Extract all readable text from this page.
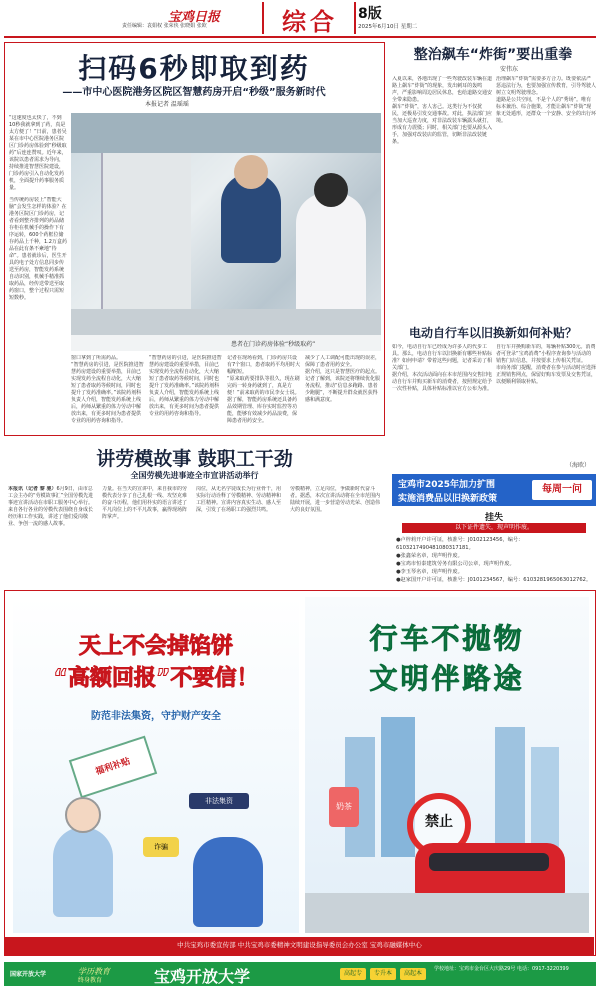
宝鸡日报
责任编辑：袁娟权 张荣侠 张晓娟 张欧	综合	8版
2025年6月10日 星期二
扫码6秒即取到药
——市中心医院港务区院区智慧药房开启“秒级”服务新时代
本报记者 温瑶瑶
“这速度也太快了，不到10秒我就拿到了药，真是太方便了！”日前，患者吴某在市中心医院港务区院区门诊药房体验到“秒级取药”后连连赞叹。近年来，该院以患者需求为导向，持续推进智慧医院建设，门诊药房引入自动化发药机，全面提升药事服务质量。
当传统药房装上“智能大脑”会发生怎样的体验？在港务区院区门诊药房，记者看到整齐排列的药品储存柜在机械手的操作下有序运转，600个药框位储存药品上千种，1.2万盒药品在此有条不紊地“待命”。患者就诊后，医生开具的电子处方信息同步传送至药房，智能发药系统自动识别，机械手精准抓取药品，经传送带送至取药窗口，整个过程只需短短数秒。
患者在门诊药房体验“秒级取药”
窗口拿到了所需药品。
“智慧药房的引进，是医院推进智慧药房建设的重要举措，目前已实现发药全流程自动化，大大缩短了患者取药等候时间，同时也提升了发药准确率。”该院药剂科负责人介绍，智能发药系统上线后，药师从繁重的体力劳动中解放出来，有更多时间为患者提供专业的用药咨询和指导。
“智慧药房的引进，是医院推进智慧药房建设的重要举措，目前已实现发药全流程自动化，大大缩短了患者取药等候时间，同时也提升了发药准确率。”该院药剂科负责人介绍，智能发药系统上线后，药师从繁重的体力劳动中解放出来，有更多时间为患者提供专业的用药咨询和指导。
记者在现场看到，门诊药房共设有7个窗口，患者取药平均用时大幅缩短。
“原来取药要排队等很久，现在刷完码一转身药就到了，真是方便！”前来取药的市民李女士说。据了解，智能药房系统还具备药品效期管理、库存实时监控等功能，能够有效减少药品浪费，保障患者用药安全。
减少了人工调配可能出现的误差，保障了患者用药安全。
据介绍，这只是智慧医疗的起点。记者了解到，该院还将继续优化服务流程，推动“信息多跑路、患者少跑腿”，不断提升群众就医获得感和满意度。
整治飙车“炸街”要出重拳
安伟东
入夏以来，各地出现了一些驾驶改装车辆在道路上飙车“炸街”的现象，发出刺耳的轰鸣声，严重影响周边居民休息，也给道路交通安全带来隐患。
飙车“炸街”，害人害己。这类行为不仅扰民，还极易引发交通事故。对此，执法部门应当加大巡查力度，对非法改装车辆露头就打，形成有力震慑；同时，相关部门也要从源头入手，加强对改装店的监管，切断非法改装链条。
治理飙车“炸街”需要多方合力。既要依法严惩违法行为，也要加强宣传教育，引导驾驶人树立文明驾驶理念。
道路是公共空间，不是个人的“秀场”。唯有标本兼治、综合施策，才能让飙车“炸街”现象无处遁形，还群众一个安静、安全的出行环境。
电动自行车以旧换新如何补贴？
如今，电动自行车已经成为许多人的代步工具。那么，电动自行车以旧换新有哪些补贴标准？如何申请？带着这些问题，记者采访了相关部门。
据介绍，本次活动面向在本市范围内交售旧电动自行车并购买新车的消费者，按照规定给予一次性补贴，具体补贴标准以官方公布为准。
自行车并换购新车的，每辆补贴300元。消费者可登录“宝鸡消费”小程序查询参与活动的销售门店信息，并按要求上传相关凭证。
市商务部门提醒，消费者在参与活动时应选择正规销售网点，保留好购车发票及交售凭证，以便顺利领取补贴。
（海欧）
宝鸡市2025年加力扩围
实施消费品以旧换新政策
每周一问
讲劳模故事 鼓职工干劲
全国劳模先进事迹全市宣讲活动举行
本报讯（记者 黎 驰）6月9日，由市总工会主办的“劳模故事汇”全国劳模先进事迹宣讲活动在市职工服务中心举行。来自各行各业的劳模代表围绕自身成长经历和工作实践，讲述了他们爱岗敬业、争创一流的感人故事。
力量。在当天的宣讲中，来自我市的劳模代表分享了自己扎根一线、攻坚克难的奋斗历程，他们用朴实的语言讲述了平凡岗位上的不平凡故事，赢得现场阵阵掌声。
岗位，从无名学徒成长为行业骨干，用实际行动诠释了劳模精神、劳动精神和工匠精神。宣讲内容真实生动、感人至深，引发了在场职工的强烈共鸣。
劳模精神，立足岗位，争做新时代奋斗者。据悉，本次宣讲活动将在全市范围内陆续开展，进一步营造劳动光荣、创造伟大的良好氛围。
挂失
以下证件遗失，现声明作废。
●卢梓莉开户许可证，核准号：J0102123456，编号：6103217490481080317181。
●张鑫荣名章，现声明作废。
●宝鸡市恒泰建筑劳务有限公司公章，现声明作废。
●李玉琴名章，现声明作废。
●赵家国开户许可证，核准号：J0101234567，编号：6103281965063012762。
天上不会掉馅饼
“高额回报”不要信！
防范非法集资，守护财产安全
福利补贴
非法集资
诈骗
行车不抛物
文明伴路途
奶茶
禁止
中共宝鸡市委宣传部 中共宝鸡市委精神文明建设指导委员会办公室 宝鸡市融媒体中心
国家开放大学	学历教育
终身教育	宝鸡开放大学	高起专	专升本	高起本
学校地址：宝鸡市金台区大庆路29号 电话：0917-3220399
